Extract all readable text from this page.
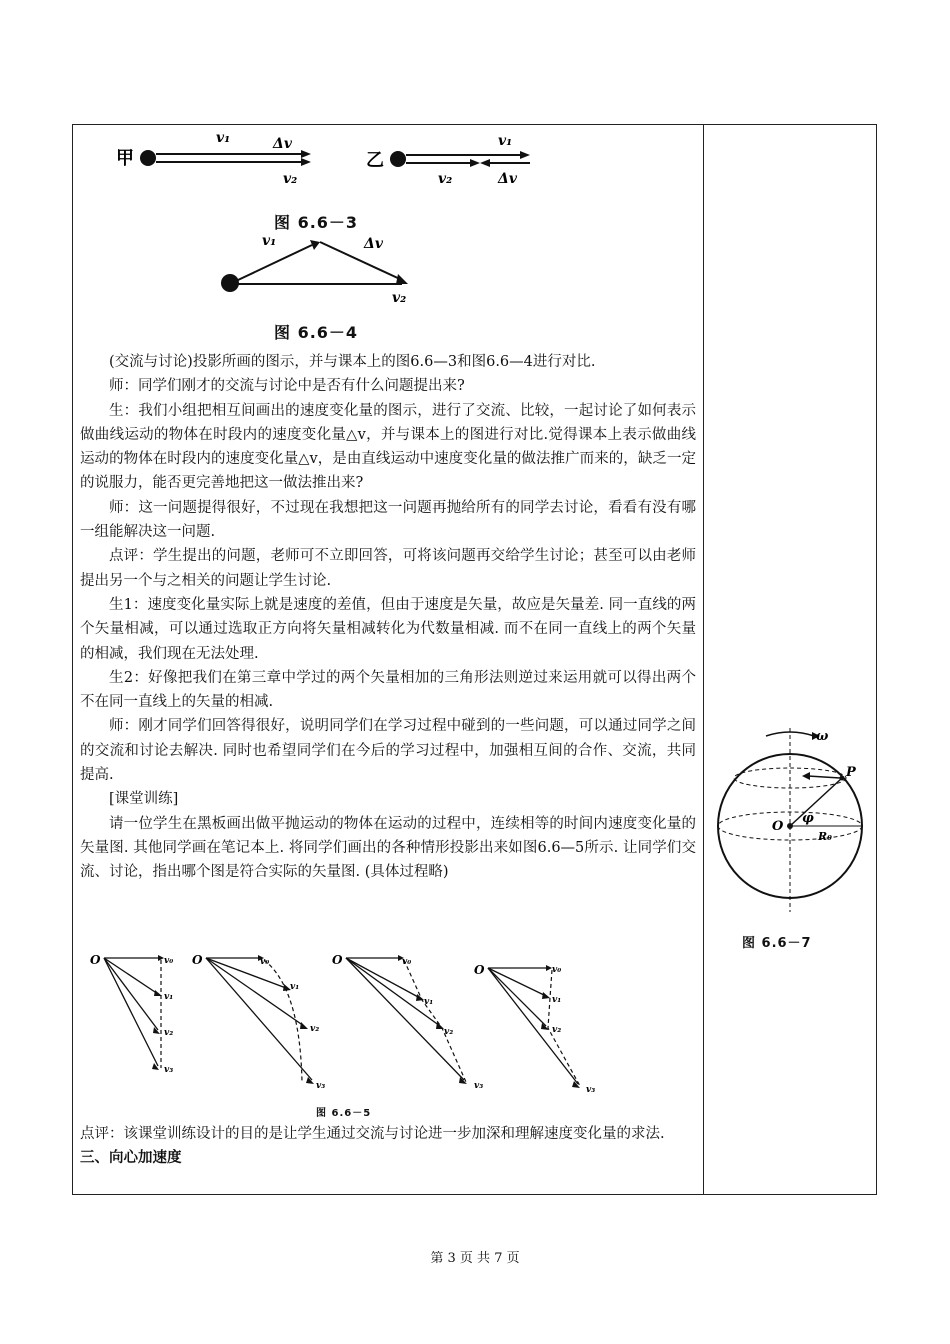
甲
v₁	Δv
v₂
乙
v₁
v₂	Δv
图 6.6－3
v₁	Δv
v₂
图 6.6－4

(交流与讨论)投影所画的图示，并与课本上的图6.6—3和图6.6—4进行对比.

师：同学们刚才的交流与讨论中是否有什么问题提出来?

生：我们小组把相互间画出的速度变化量的图示，进行了交流、比较，一起讨论了如何表示做曲线运动的物体在时段内的速度变化量△v，并与课本上的图进行对比.觉得课本上表示做曲线运动的物体在时段内的速度变化量△v，是由直线运动中速度变化量的做法推广而来的，缺乏一定的说服力，能否更完善地把这一做法推出来?

师：这一问题提得很好，不过现在我想把这一问题再抛给所有的同学去讨论，看看有没有哪一组能解决这一问题.

点评：学生提出的问题，老师可不立即回答，可将该问题再交给学生讨论；甚至可以由老师提出另一个与之相关的问题让学生讨论.

生1：速度变化量实际上就是速度的差值，但由于速度是矢量，故应是矢量差. 同一直线的两个矢量相减，可以通过选取正方向将矢量相减转化为代数量相减. 而不在同一直线上的两个矢量的相减，我们现在无法处理.

生2：好像把我们在第三章中学过的两个矢量相加的三角形法则逆过来运用就可以得出两个不在同一直线上的矢量的相减.

师：刚才同学们回答得很好，说明同学们在学习过程中碰到的一些问题，可以通过同学之间的交流和讨论去解决. 同时也希望同学们在今后的学习过程中，加强相互间的合作、交流，共同提高.

[课堂训练]

请一位学生在黑板画出做平抛运动的物体在运动的过程中，连续相等的时间内速度变化量的矢量图. 其他同学画在笔记本上. 将同学们画出的各种情形投影出来如图6.6—5所示. 让同学们交流、讨论，指出哪个图是符合实际的矢量图. (具体过程略)

O	v₀
v₁
v₂
v₃
O	v₀
v₁
v₂
v₃
O	v₀
v₁
v₂
v₃
O	v₀
v₁
v₂
v₃
图 6.6－5

点评：该课堂训练设计的目的是让学生通过交流与讨论进一步加深和理解速度变化量的求法.

三、向心加速度

ω
P
O
φ
R₀
图 6.6－7
第 3 页 共 7 页
